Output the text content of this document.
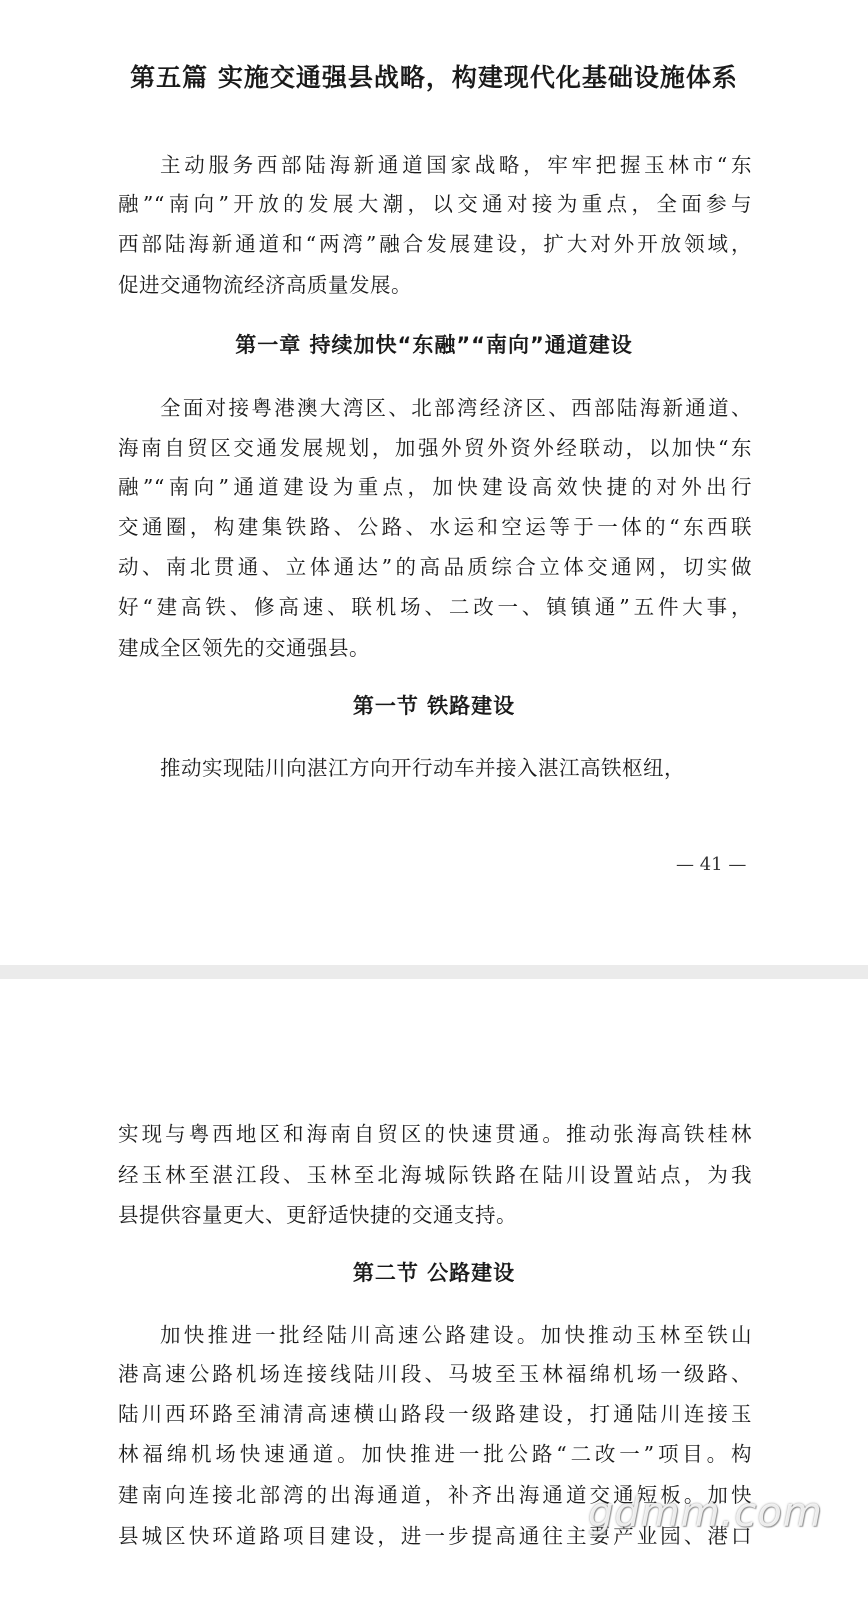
第五篇 实施交通强县战略，构建现代化基础设施体系
主动服务西部陆海新通道国家战略，牢牢把握玉林市“东
融”“南向”开放的发展大潮，以交通对接为重点，全面参与
西部陆海新通道和“两湾”融合发展建设，扩大对外开放领域，
促进交通物流经济高质量发展。
第一章 持续加快“东融”“南向”通道建设
全面对接粤港澳大湾区、北部湾经济区、西部陆海新通道、
海南自贸区交通发展规划，加强外贸外资外经联动，以加快“东
融”“南向”通道建设为重点，加快建设高效快捷的对外出行
交通圈，构建集铁路、公路、水运和空运等于一体的“东西联
动、南北贯通、立体通达”的高品质综合立体交通网，切实做
好“建高铁、修高速、联机场、二改一、镇镇通”五件大事，
建成全区领先的交通强县。
第一节 铁路建设
推动实现陆川向湛江方向开行动车并接入湛江高铁枢纽，
— 41 —
实现与粤西地区和海南自贸区的快速贯通。推动张海高铁桂林
经玉林至湛江段、玉林至北海城际铁路在陆川设置站点，为我
县提供容量更大、更舒适快捷的交通支持。
第二节 公路建设
加快推进一批经陆川高速公路建设。加快推动玉林至铁山
港高速公路机场连接线陆川段、马坡至玉林福绵机场一级路、
陆川西环路至浦清高速横山路段一级路建设，打通陆川连接玉
林福绵机场快速通道。加快推进一批公路“二改一”项目。构
建南向连接北部湾的出海通道，补齐出海通道交通短板。加快
县城区快环道路项目建设，进一步提高通往主要产业园、港口
gdmm.com
